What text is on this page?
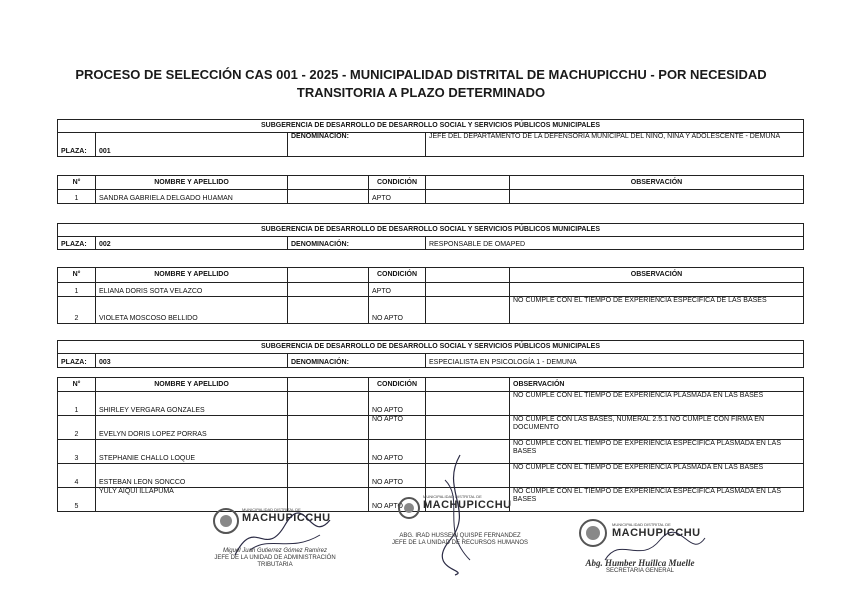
PROCESO DE SELECCIÓN CAS 001 - 2025 - MUNICIPALIDAD DISTRITAL DE MACHUPICCHU - POR NECESIDAD
TRANSITORIA A PLAZO DETERMINADO
SUBGERENCIA DE DESARROLLO DE DESARROLLO SOCIAL Y SERVICIOS PÚBLICOS MUNICIPALES
PLAZA:	001	DENOMINACIÓN:	JEFE DEL DEPARTAMENTO DE LA DEFENSORÍA MUNICIPAL DEL NIÑO, NIÑA Y ADOLESCENTE - DEMUNA
N°	NOMBRE Y APELLIDO		CONDICIÓN		OBSERVACIÓN
1	SANDRA GABRIELA DELGADO HUAMAN		APTO		
SUBGERENCIA DE DESARROLLO DE DESARROLLO SOCIAL Y SERVICIOS PÚBLICOS MUNICIPALES
PLAZA:	002	DENOMINACIÓN:	RESPONSABLE DE OMAPED
N°	NOMBRE Y APELLIDO		CONDICIÓN		OBSERVACIÓN
1	ELIANA DORIS SOTA VELAZCO		APTO		
2	VIOLETA MOSCOSO BELLIDO		NO APTO		NO CUMPLE CON EL TIEMPO DE EXPERIENCIA ESPECIFICA DE LAS BASES
SUBGERENCIA DE DESARROLLO DE DESARROLLO SOCIAL Y SERVICIOS PÚBLICOS MUNICIPALES
PLAZA:	003	DENOMINACIÓN:	ESPECIALISTA EN PSICOLOGÍA 1 - DEMUNA
N°	NOMBRE Y APELLIDO		CONDICIÓN		OBSERVACIÓN
1	SHIRLEY VERGARA GONZALES		NO APTO		NO CUMPLE CON EL TIEMPO DE EXPERIENCIA PLASMADA EN LAS BASES
2	EVELYN DORIS LOPEZ PORRAS		NO APTO		NO CUMPLE CON LAS BASES, NUMERAL 2.5.1 NO CUMPLE CON FIRMA EN DOCUMENTO
3	STEPHANIE CHALLO LOQUE		NO APTO		NO CUMPLE CON EL TIEMPO DE EXPERIENCIA ESPECIFICA PLASMADA EN LAS BASES
4	ESTEBAN LEON SONCCO		NO APTO		NO CUMPLE CON EL TIEMPO DE EXPERIENCIA PLASMADA EN LAS BASES
5	YULY AIQUI ILLAPUMA		NO APTO		NO CUMPLE CON EL TIEMPO DE EXPERIENCIA ESPECIFICA PLASMADA EN LAS BASES
MUNICIPALIDAD DISTRITAL DE
MACHUPICCHU
MUNICIPALIDAD DISTRITAL DE
MACHUPICCHU
MUNICIPALIDAD DISTRITAL DE
MACHUPICCHU
Miguel Juan Gutierrez Gómez Ramírez
JEFE DE LA UNIDAD DE ADMINISTRACIÓN TRIBUTARIA
ABG. IRAD HUSSEIN QUISPE FERNANDEZ
JEFE DE LA UNIDAD DE RECURSOS HUMANOS
Abg. Humber Huillca Muelle
SECRETARIA GENERAL
